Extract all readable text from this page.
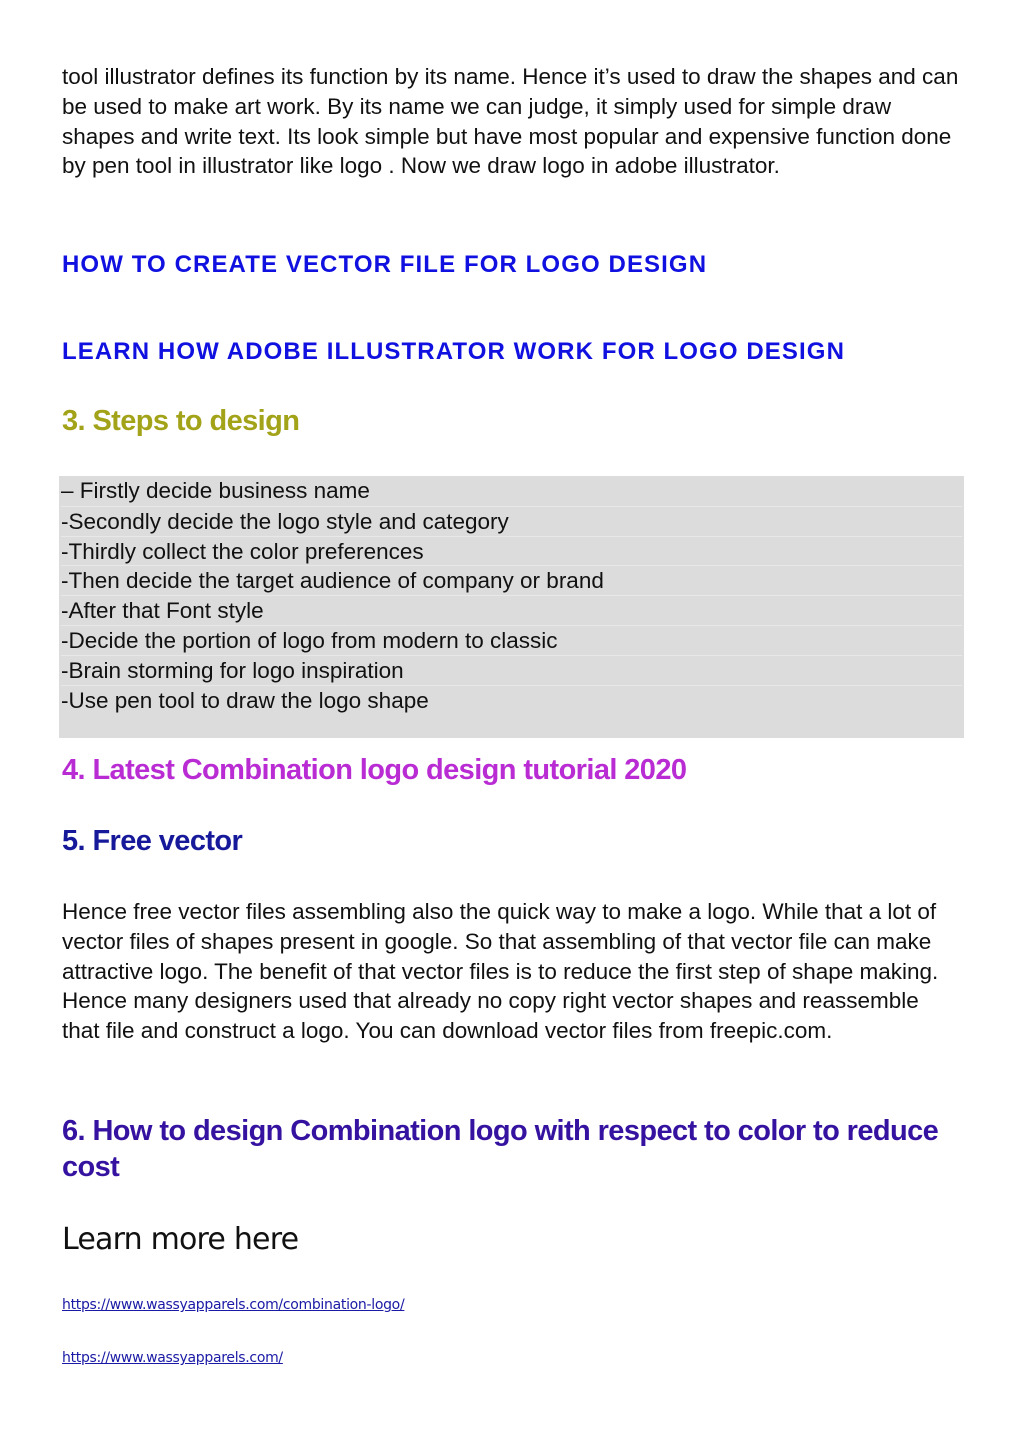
tool illustrator defines its function by its name. Hence it’s used to draw the shapes and can be used to make art work. By its name we can judge, it simply used for simple draw shapes and write text. Its look simple but have most popular and expensive function done by pen tool in illustrator like logo . Now we draw logo in adobe illustrator.

HOW TO CREATE VECTOR FILE FOR LOGO DESIGN
LEARN HOW ADOBE ILLUSTRATOR WORK FOR LOGO DESIGN
3. Steps to design
– Firstly decide business name
-Secondly decide the logo style and category
-Thirdly collect the color preferences
-Then decide the target audience of company or brand
-After that Font style
-Decide the portion of logo from modern to classic
-Brain storming for logo inspiration
-Use pen tool to draw the logo shape
4. Latest Combination logo design tutorial 2020
5. Free vector

Hence free vector files assembling also the quick way to make a logo. While that a lot of vector files of shapes present in google. So that assembling of that vector file can make attractive logo. The benefit of that vector files is to reduce the first step of shape making. Hence many designers used that already no copy right vector shapes and reassemble that file and construct a logo. You can download vector files from freepic.com.

6. How to design Combination logo with respect to color to reduce cost
Learn more here
https://www.wassyapparels.com/combination-logo/
https://www.wassyapparels.com/
